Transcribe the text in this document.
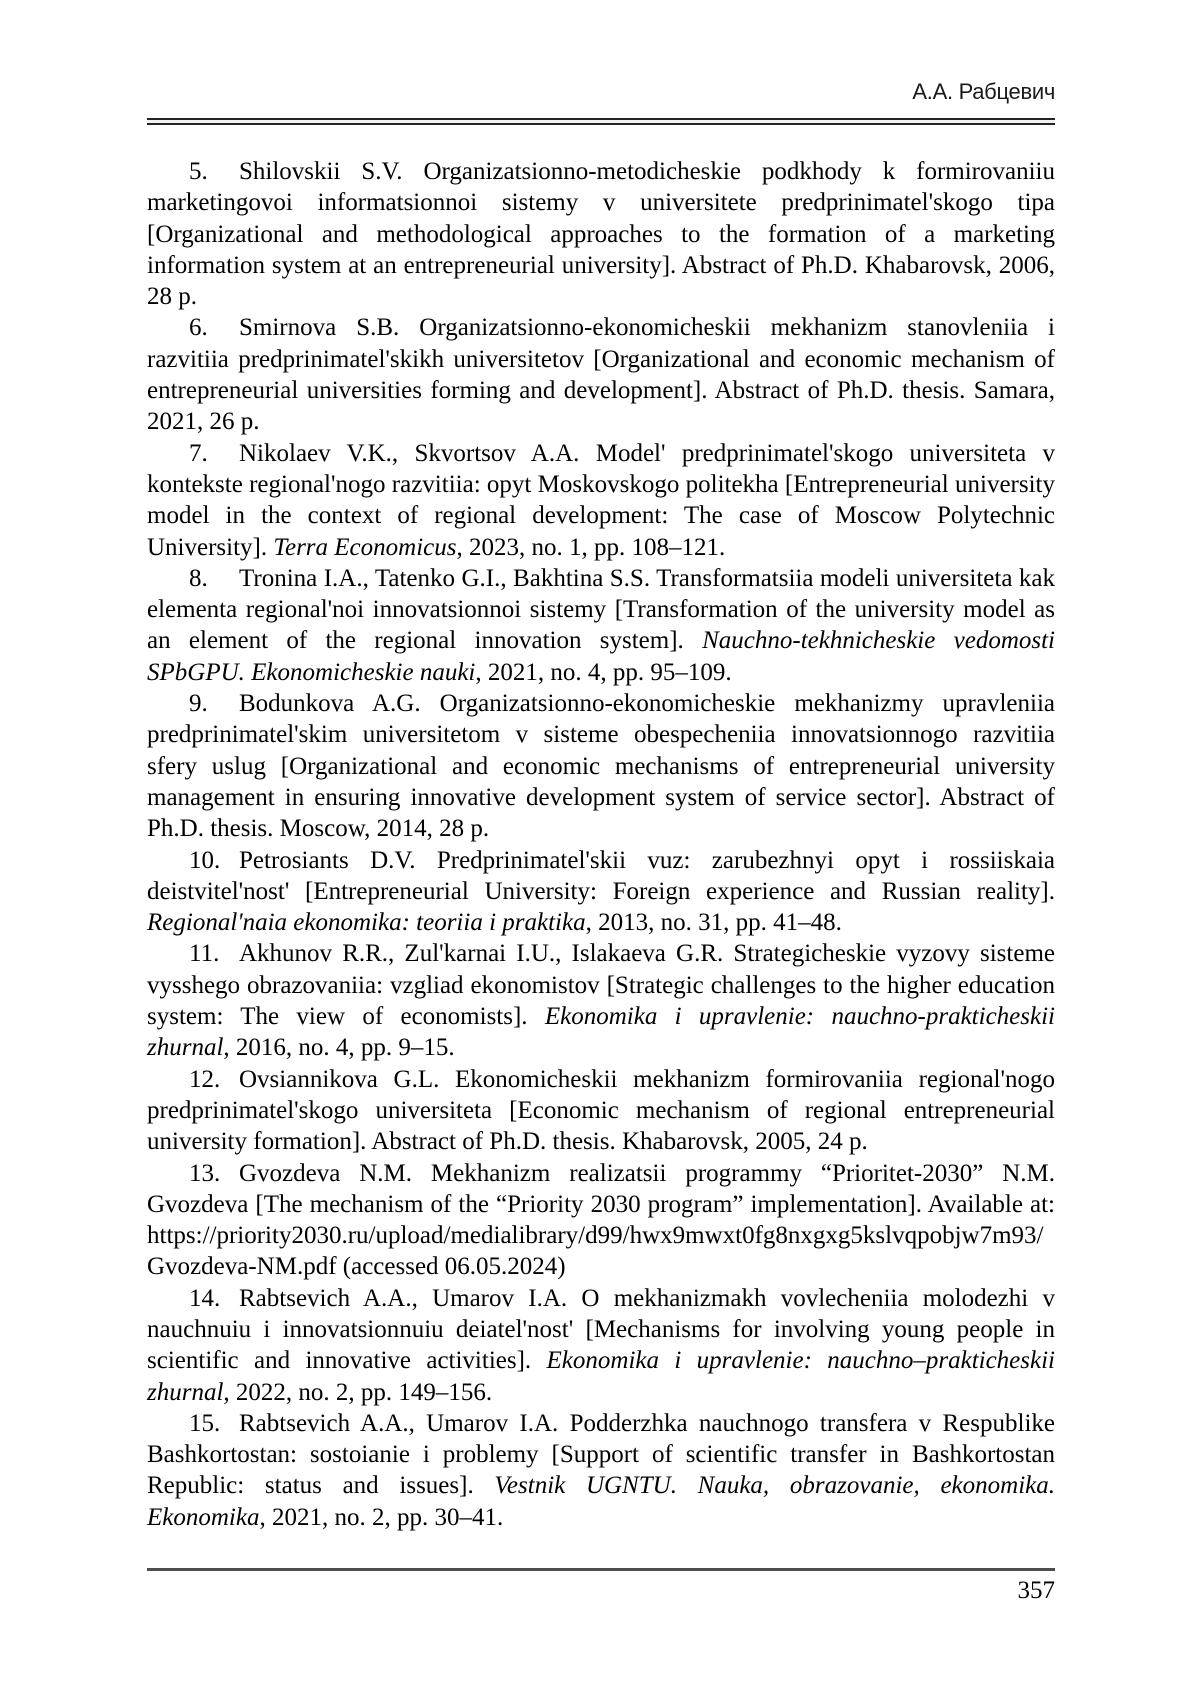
А.А. Рабцевич

5. Shilovskii S.V. Organizatsionno-metodicheskie podkhody k formirovaniiu marketingovoi informatsionnoi sistemy v universitete predprinimatel'skogo tipa [Organizational and methodological approaches to the formation of a marketing information system at an entrepreneurial university]. Abstract of Ph.D. Khabarovsk, 2006, 28 p.

6. Smirnova S.B. Organizatsionno-ekonomicheskii mekhanizm stanovleniia i razvitiia predprinimatel'skikh universitetov [Organizational and economic mechanism of entrepreneurial universities forming and development]. Abstract of Ph.D. thesis. Samara, 2021, 26 p.

7. Nikolaev V.K., Skvortsov A.A. Model' predprinimatel'skogo universiteta v kontekste regional'nogo razvitiia: opyt Moskovskogo politekha [Entrepreneurial university model in the context of regional development: The case of Moscow Polytechnic University]. Terra Economicus, 2023, no. 1, pp. 108–121.

8. Tronina I.A., Tatenko G.I., Bakhtina S.S. Transformatsiia modeli universiteta kak elementa regional'noi innovatsionnoi sistemy [Transformation of the university model as an element of the regional innovation system]. Nauchno-tekhnicheskie vedomosti SPbGPU. Ekonomicheskie nauki, 2021, no. 4, pp. 95–109.

9. Bodunkova A.G. Organizatsionno-ekonomicheskie mekhanizmy upravleniia predprinimatel'skim universitetom v sisteme obespecheniia innovatsionnogo razvitiia sfery uslug [Organizational and economic mechanisms of entrepreneurial university management in ensuring innovative development system of service sector]. Abstract of Ph.D. thesis. Moscow, 2014, 28 p.

10. Petrosiants D.V. Predprinimatel'skii vuz: zarubezhnyi opyt i rossiiskaia deistvitel'nost' [Entrepreneurial University: Foreign experience and Russian reality]. Regional'naia ekonomika: teoriia i praktika, 2013, no. 31, pp. 41–48.

11. Akhunov R.R., Zul'karnai I.U., Islakaeva G.R. Strategicheskie vyzovy sisteme vysshego obrazovaniia: vzgliad ekonomistov [Strategic challenges to the higher education system: The view of economists]. Ekonomika i upravlenie: nauchno-prakticheskii zhurnal, 2016, no. 4, pp. 9–15.

12. Ovsiannikova G.L. Ekonomicheskii mekhanizm formirovaniia regional'nogo predprinimatel'skogo universiteta [Economic mechanism of regional entrepreneurial university formation]. Abstract of Ph.D. thesis. Khabarovsk, 2005, 24 p.

13. Gvozdeva N.M. Mekhanizm realizatsii programmy “Prioritet-2030” N.M. Gvozdeva [The mechanism of the “Priority 2030 program” implementation]. Available at: https://priority2030.ru/upload/medialibrary/d99/hwx9mwxt0fg8nxgxg5kslvqpobjw7m93/Gvozdeva-NM.pdf (accessed 06.05.2024)

14. Rabtsevich A.A., Umarov I.A. O mekhanizmakh vovlecheniia molodezhi v nauchnuiu i innovatsionnuiu deiatel'nost' [Mechanisms for involving young people in scientific and innovative activities]. Ekonomika i upravlenie: nauchno–prakticheskii zhurnal, 2022, no. 2, pp. 149–156.

15. Rabtsevich A.A., Umarov I.A. Podderzhka nauchnogo transfera v Respublike Bashkortostan: sostoianie i problemy [Support of scientific transfer in Bashkortostan Republic: status and issues]. Vestnik UGNTU. Nauka, obrazovanie, ekonomika. Ekonomika, 2021, no. 2, pp. 30–41.

357
